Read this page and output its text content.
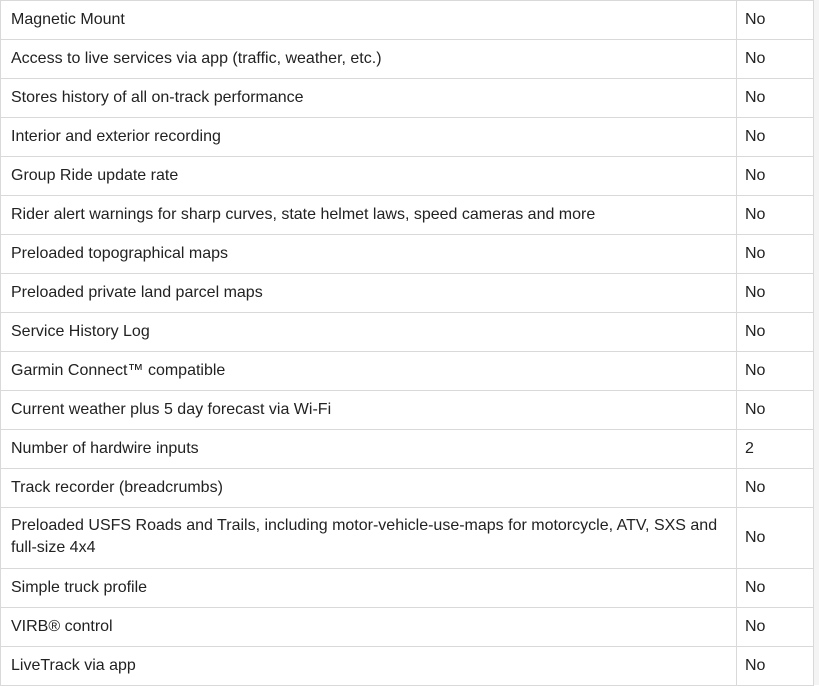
Magnetic Mount	No
Access to live services via app (traffic, weather, etc.)	No
Stores history of all on-track performance	No
Interior and exterior recording	No
Group Ride update rate	No
Rider alert warnings for sharp curves, state helmet laws, speed cameras and more	No
Preloaded topographical maps	No
Preloaded private land parcel maps	No
Service History Log	No
Garmin Connect™ compatible	No
Current weather plus 5 day forecast via Wi-Fi	No
Number of hardwire inputs	2
Track recorder (breadcrumbs)	No
Preloaded USFS Roads and Trails, including motor-vehicle-use-maps for motorcycle, ATV, SXS and full-size 4x4	No
Simple truck profile	No
VIRB® control	No
LiveTrack via app	No
